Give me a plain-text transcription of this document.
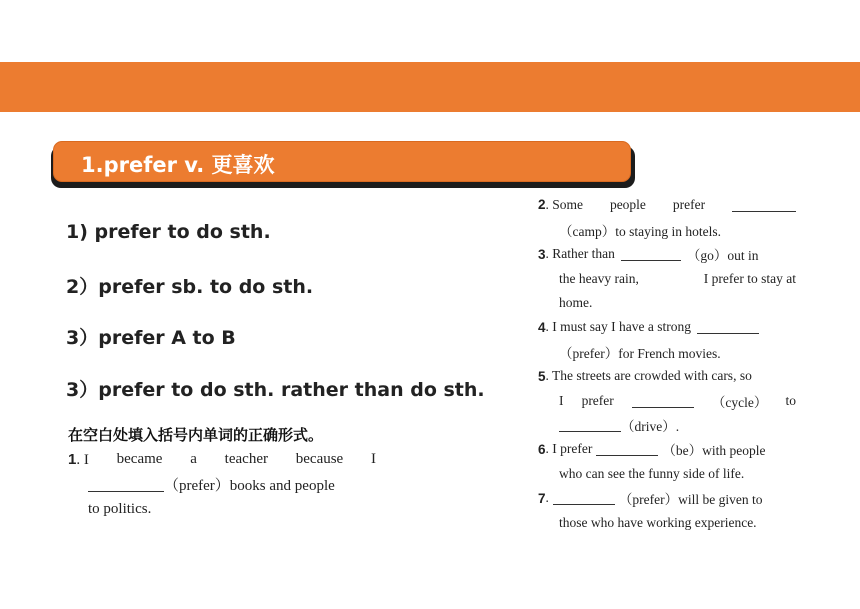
1.prefer v. 更喜欢
1) prefer to do sth.
2）prefer sb. to do sth.
3）prefer A to B
3）prefer to do sth. rather than do sth.
在空白处填入括号内单词的正确形式。
1. I became a teacher because I
（prefer）books and people
to politics.
2. Some people prefer
（camp）to staying in hotels.
3 . Rather than	（go）out in
the heavy rain,	I prefer to stay at
home.
4 . I must say I have a strong
（prefer）for French movies.
5 . The streets are crowded with cars, so
I prefer	（cycle） to
（drive）.
6 . I prefer	（be）with people
who can see the funny side of life.
7 .	（prefer）will be given to
those who have working experience.
